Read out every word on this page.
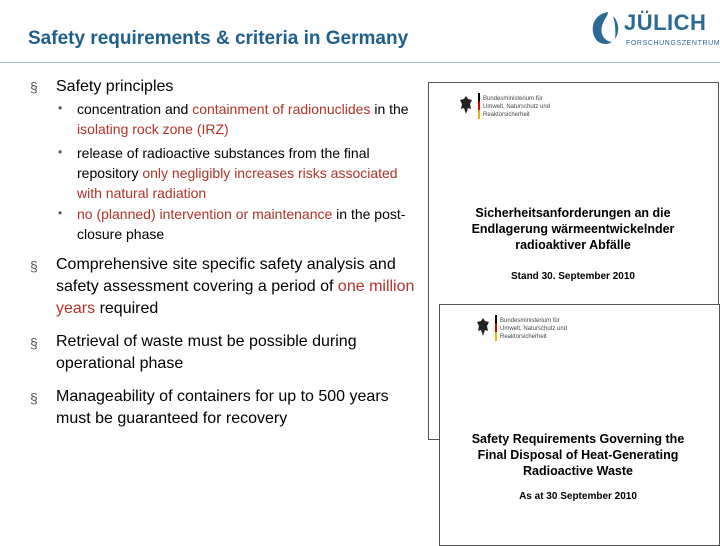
Safety requirements & criteria in Germany
JÜLICH
FORSCHUNGSZENTRUM
§ Safety principles
• concentration and containment of radionuclides in the isolating rock zone (IRZ)
• release of radioactive substances from the final repository only negligibly increases risks associated with natural radiation
• no (planned) intervention or maintenance in the post-closure phase
§ Comprehensive site specific safety analysis and safety assessment covering a period of one million years required
§ Retrieval of waste must be possible during operational phase
§ Manageability of containers for up to 500 years must be guaranteed for recovery
Bundesministerium für Umwelt, Naturschutz und Reaktorsicherheit
Sicherheitsanforderungen an die Endlagerung wärmeentwickelnder radioaktiver Abfälle
Stand 30. September 2010
Bundesministerium für Umwelt, Naturschutz und Reaktorsicherheit
Safety Requirements Governing the Final Disposal of Heat-Generating Radioactive Waste
As at 30 September 2010
